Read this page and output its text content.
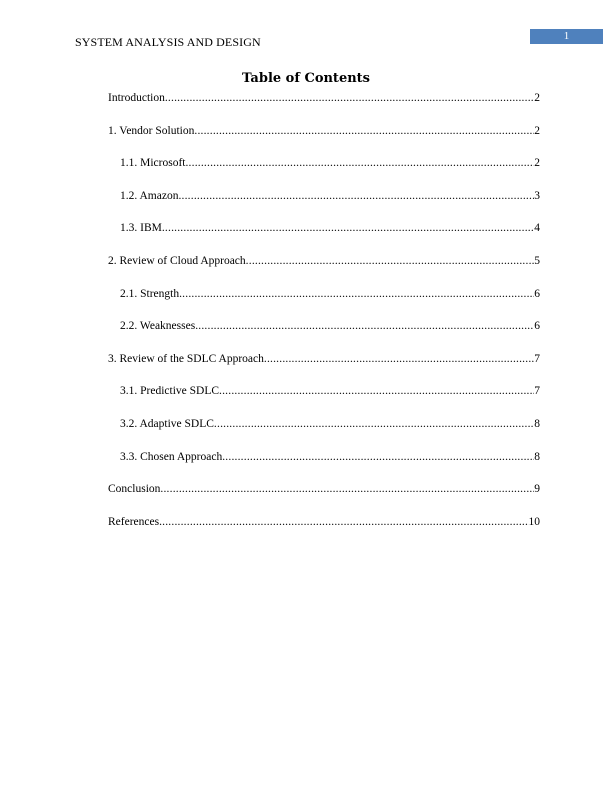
1
SYSTEM ANALYSIS AND DESIGN
Table of Contents
Introduction .....	2
1. Vendor Solution .....	2
1.1. Microsoft .....	2
1.2. Amazon .....	3
1.3. IBM .....	4
2. Review of Cloud Approach .....	5
2.1. Strength .....	6
2.2. Weaknesses .....	6
3. Review of the SDLC Approach .....	7
3.1. Predictive SDLC .....	7
3.2. Adaptive SDLC .....	8
3.3. Chosen Approach .....	8
Conclusion .....	9
References .....	10
